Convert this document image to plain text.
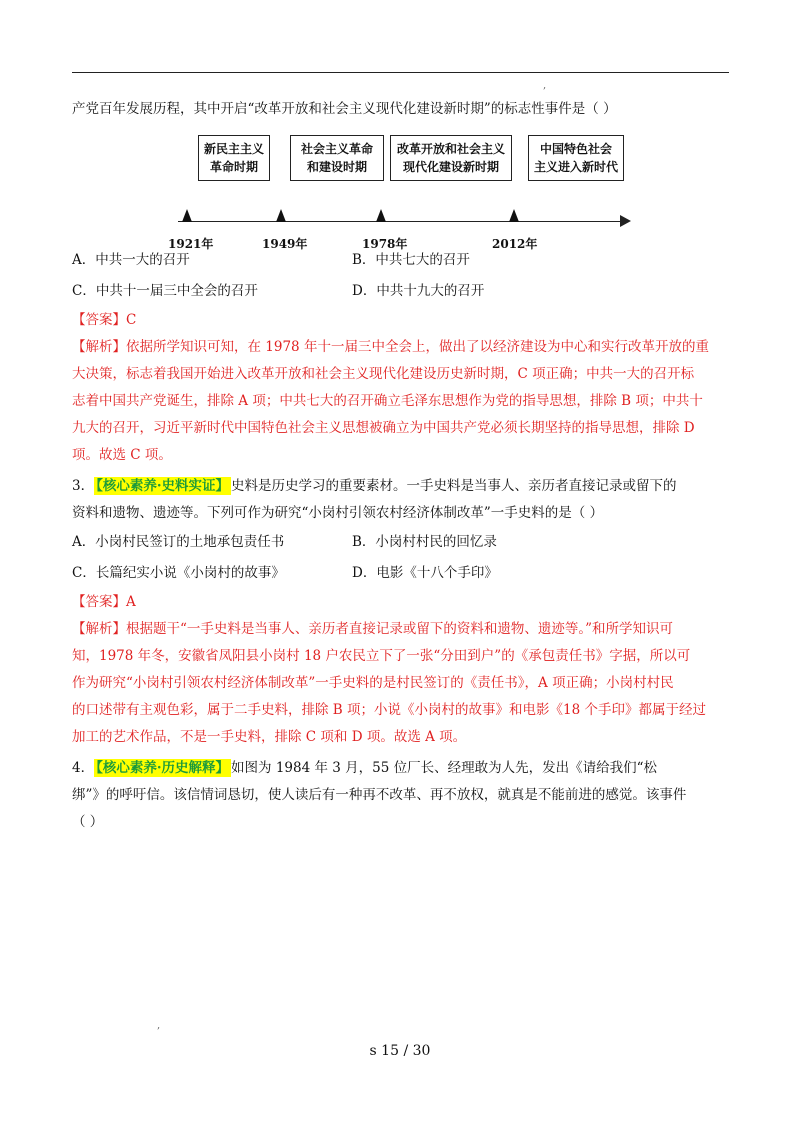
,
产党百年发展历程，其中开启“改革开放和社会主义现代化建设新时期”的标志性事件是（ ）
新民主主义
革命时期
社会主义革命
和建设时期
改革开放和社会主义
现代化建设新时期
中国特色社会
主义进入新时代
1921年	1949年	1978年	2012年
A．中共一大的召开	B．中共七大的召开
C．中共十一届三中全会的召开	D．中共十九大的召开
【答案】C
【解析】依据所学知识可知，在 1978 年十一届三中全会上，做出了以经济建设为中心和实行改革开放的重
大决策，标志着我国开始进入改革开放和社会主义现代化建设历史新时期，C 项正确；中共一大的召开标
志着中国共产党诞生，排除 A 项；中共七大的召开确立毛泽东思想作为党的指导思想，排除 B 项；中共十
九大的召开，习近平新时代中国特色社会主义思想被确立为中国共产党必须长期坚持的指导思想，排除 D
项。故选 C 项。
3． 【核心素养·史料实证】 史料是历史学习的重要素材。一手史料是当事人、亲历者直接记录或留下的
资料和遗物、遗迹等。下列可作为研究“小岗村引领农村经济体制改革”一手史料的是（ ）
A．小岗村民签订的土地承包责任书	B．小岗村村民的回忆录
C．长篇纪实小说《小岗村的故事》	D．电影《十八个手印》
【答案】A
【解析】根据题干“一手史料是当事人、亲历者直接记录或留下的资料和遗物、遗迹等。”和所学知识可
知，1978 年冬，安徽省凤阳县小岗村 18 户农民立下了一张“分田到户”的《承包责任书》字据，所以可
作为研究“小岗村引领农村经济体制改革”一手史料的是村民签订的《责任书》，A 项正确；小岗村村民
的口述带有主观色彩，属于二手史料，排除 B 项；小说《小岗村的故事》和电影《18 个手印》都属于经过
加工的艺术作品，不是一手史料，排除 C 项和 D 项。故选 A 项。
4． 【核心素养·历史解释】 如图为 1984 年 3 月，55 位厂长、经理敢为人先，发出《请给我们“松
绑”》的呼吁信。该信情词恳切，使人读后有一种再不改革、再不放权，就真是不能前进的感觉。该事件
（ ）
,
s 15 / 30
